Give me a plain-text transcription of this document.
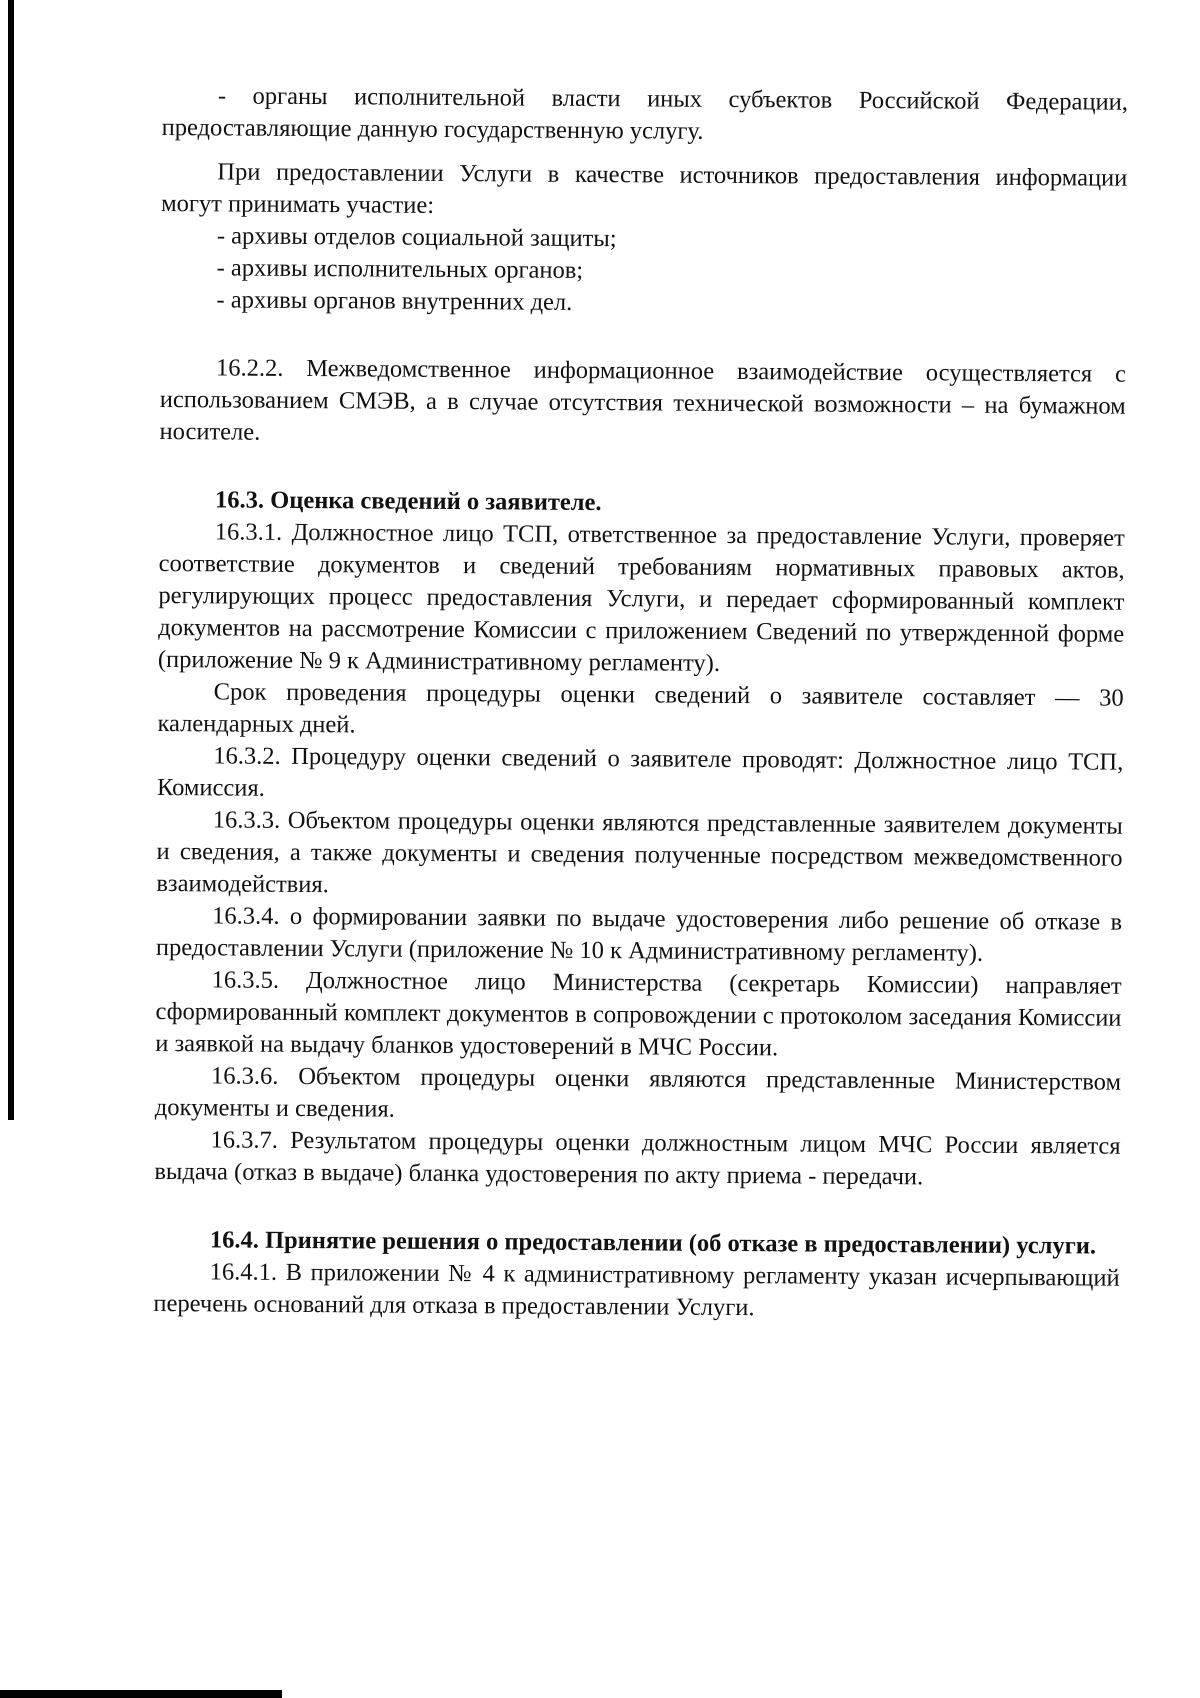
- органы исполнительной власти иных субъектов Российской Федерации, предоставляющие данную государственную услугу.

При предоставлении Услуги в качестве источников предоставления информации могут принимать участие:

- архивы отделов социальной защиты;

- архивы исполнительных органов;

- архивы органов внутренних дел.

16.2.2. Межведомственное информационное взаимодействие осуществляется с использованием СМЭВ, а в случае отсутствия технической возможности – на бумажном носителе.

16.3. Оценка сведений о заявителе.

16.3.1. Должностное лицо ТСП, ответственное за предоставление Услуги, проверяет соответствие документов и сведений требованиям нормативных правовых актов, регулирующих процесс предоставления Услуги, и передает сформированный комплект документов на рассмотрение Комиссии с приложением Сведений по утвержденной форме (приложение № 9 к Административному регламенту).

Срок проведения процедуры оценки сведений о заявителе составляет — 30 календарных дней.

16.3.2. Процедуру оценки сведений о заявителе проводят: Должностное лицо ТСП, Комиссия.

16.3.3. Объектом процедуры оценки являются представленные заявителем документы и сведения, а также документы и сведения полученные посредством межведомственного взаимодействия.

16.3.4. о формировании заявки по выдаче удостоверения либо решение об отказе в предоставлении Услуги (приложение № 10 к Административному регламенту).

16.3.5. Должностное лицо Министерства (секретарь Комиссии) направляет сформированный комплект документов в сопровождении с протоколом заседания Комиссии и заявкой на выдачу бланков удостоверений в МЧС России.

16.3.6. Объектом процедуры оценки являются представленные Министерством документы и сведения.

16.3.7. Результатом процедуры оценки должностным лицом МЧС России является выдача (отказ в выдаче) бланка удостоверения по акту приема - передачи.

16.4. Принятие решения о предоставлении (об отказе в предоставлении) услуги.

16.4.1. В приложении № 4 к административному регламенту указан исчерпывающий перечень оснований для отказа в предоставлении Услуги.
